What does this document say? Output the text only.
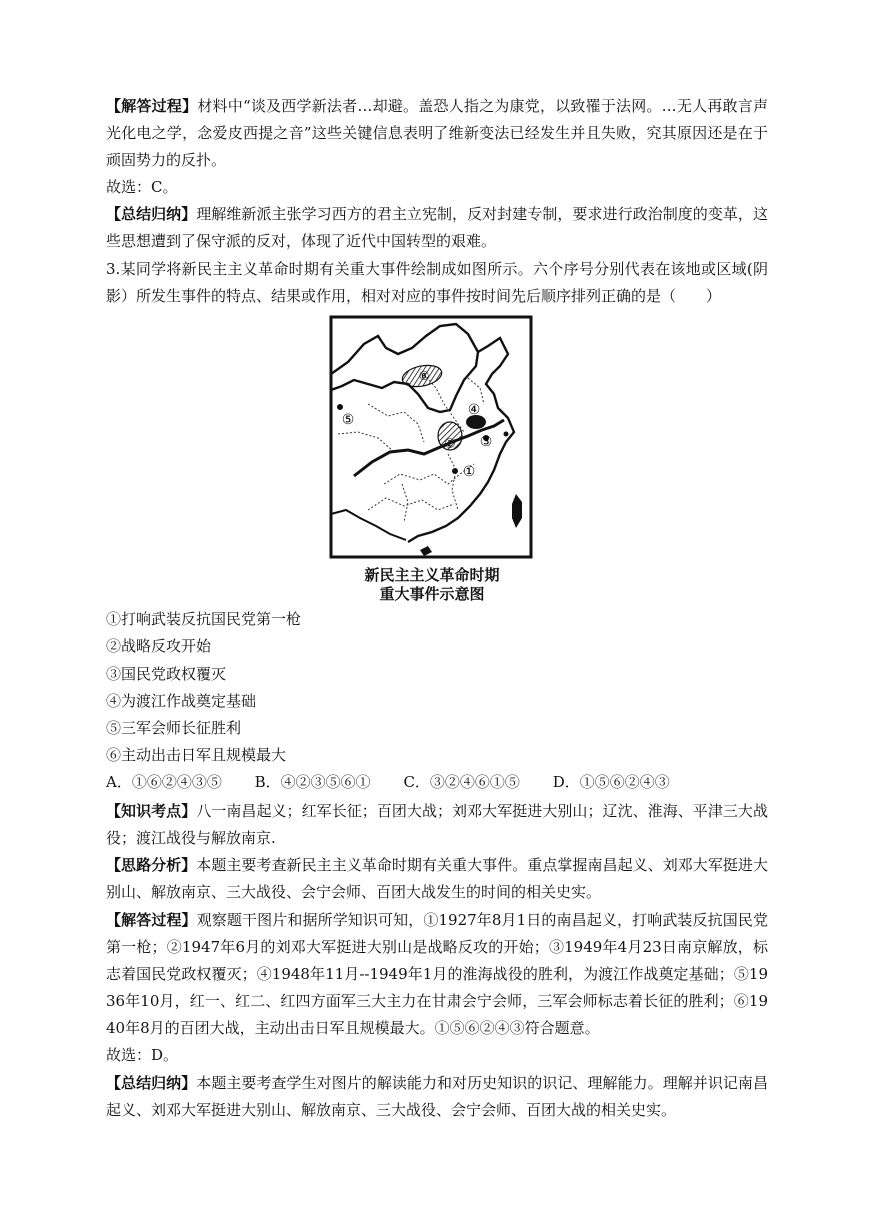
【解答过程】材料中“谈及西学新法者…却避。盖恐人指之为康党，以致罹于法网。…无人再敢言声光化电之学，念爱皮西提之音”这些关键信息表明了维新变法已经发生并且失败，究其原因还是在于顽固势力的反扑。

故选：C。

【总结归纳】理解维新派主张学习西方的君主立宪制，反对封建专制，要求进行政治制度的变革，这些思想遭到了保守派的反对，体现了近代中国转型的艰难。

3.某同学将新民主主义革命时期有关重大事件绘制成如图所示。六个序号分别代表在该地或区域(阴影）所发生事件的特点、结果或作用，相对对应的事件按时间先后顺序排列正确的是（　　）

⑥
②
④
③
①
⑤
新民主主义革命时期
重大事件示意图

①打响武装反抗国民党第一枪

②战略反攻开始

③国民党政权覆灭

④为渡江作战奠定基础

⑤三军会师长征胜利

⑥主动出击日军且规模最大

A．①⑥②④③⑤ B．④②③⑤⑥① C．③②④⑥①⑤ D．①⑤⑥②④③

【知识考点】八一南昌起义；红军长征；百团大战；刘邓大军挺进大别山；辽沈、淮海、平津三大战役；渡江战役与解放南京.

【思路分析】本题主要考查新民主主义革命时期有关重大事件。重点掌握南昌起义、刘邓大军挺进大别山、解放南京、三大战役、会宁会师、百团大战发生的时间的相关史实。

【解答过程】观察题干图片和据所学知识可知，①1927年8月1日的南昌起义，打响武装反抗国民党第一枪；②1947年6月的刘邓大军挺进大别山是战略反攻的开始；③1949年4月23日南京解放，标志着国民党政权覆灭；④1948年11月--1949年1月的淮海战役的胜利，为渡江作战奠定基础；⑤1936年10月，红一、红二、红四方面军三大主力在甘肃会宁会师，三军会师标志着长征的胜利；⑥1940年8月的百团大战，主动出击日军且规模最大。①⑤⑥②④③符合题意。

故选：D。

【总结归纳】本题主要考查学生对图片的解读能力和对历史知识的识记、理解能力。理解并识记南昌起义、刘邓大军挺进大别山、解放南京、三大战役、会宁会师、百团大战的相关史实。
